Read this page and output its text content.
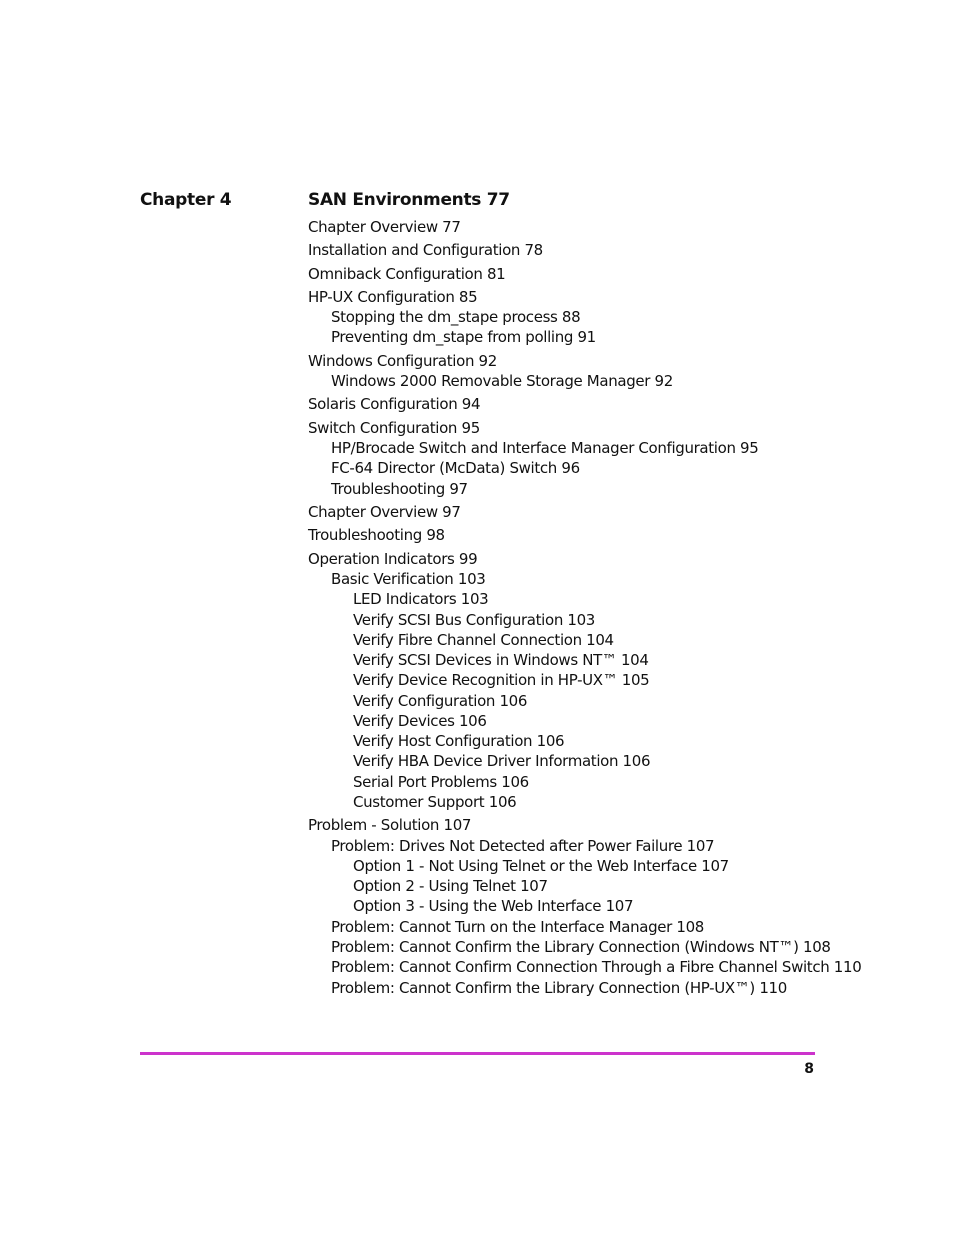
Chapter 4	SAN Environments 77
Chapter Overview 77
Installation and Configuration 78
Omniback Configuration 81
HP-UX Configuration 85
Stopping the dm_stape process 88
Preventing dm_stape from polling 91
Windows Configuration 92
Windows 2000 Removable Storage Manager 92
Solaris Configuration 94
Switch Configuration 95
HP/Brocade Switch and Interface Manager Configuration 95
FC-64 Director (McData) Switch 96
Troubleshooting 97
Chapter Overview 97
Troubleshooting 98
Operation Indicators 99
Basic Verification 103
LED Indicators 103
Verify SCSI Bus Configuration 103
Verify Fibre Channel Connection 104
Verify SCSI Devices in Windows NT™ 104
Verify Device Recognition in HP-UX™ 105
Verify Configuration 106
Verify Devices 106
Verify Host Configuration 106
Verify HBA Device Driver Information 106
Serial Port Problems 106
Customer Support 106
Problem - Solution 107
Problem: Drives Not Detected after Power Failure 107
Option 1 - Not Using Telnet or the Web Interface 107
Option 2 - Using Telnet 107
Option 3 - Using the Web Interface 107
Problem: Cannot Turn on the Interface Manager 108
Problem: Cannot Confirm the Library Connection (Windows NT™) 108
Problem: Cannot Confirm Connection Through a Fibre Channel Switch 110
Problem: Cannot Confirm the Library Connection (HP-UX™) 110
8
